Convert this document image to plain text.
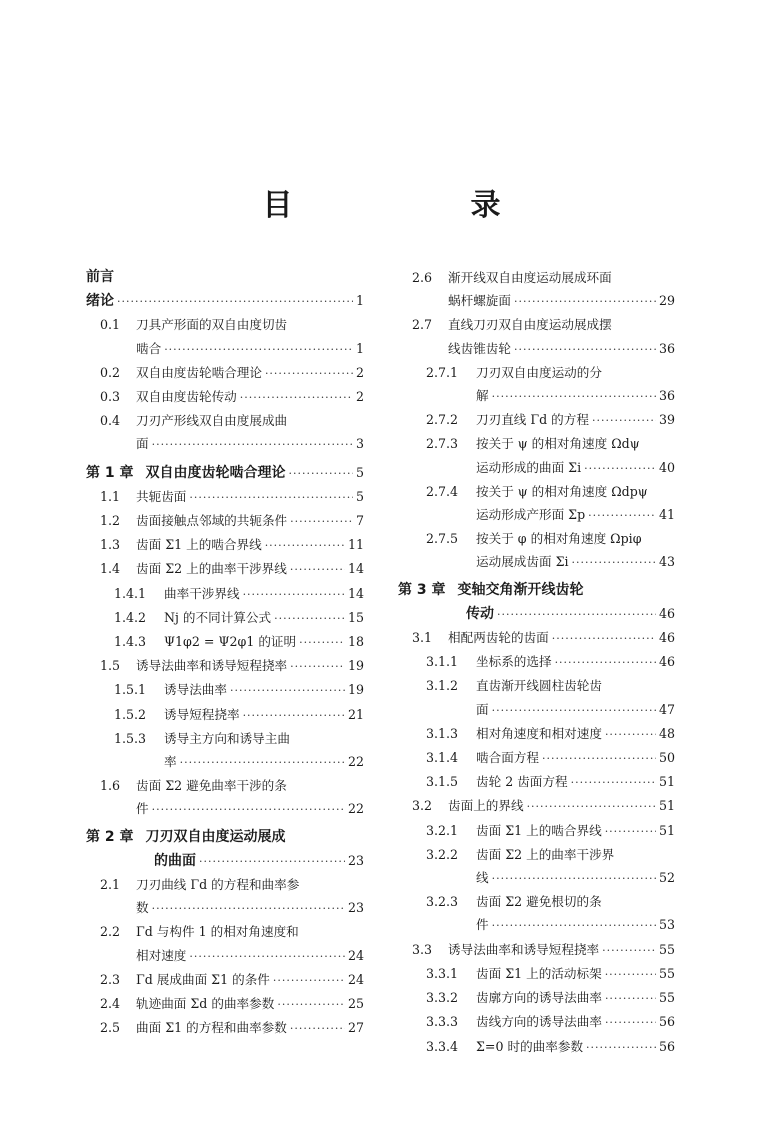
目　录
前言
绪论 ·····	1
0.1	刀具产形面的双自由度切齿
啮合 ·····	1
0.2	双自由度齿轮啮合理论 ·····	2
0.3	双自由度齿轮传动 ·····	2
0.4	刀刃产形线双自由度展成曲
面 ·····	3
第 1 章 双自由度齿轮啮合理论 ·····	5
1.1	共轭齿面 ·····	5
1.2	齿面接触点邻域的共轭条件 ·····	7
1.3	齿面 Σ1 上的啮合界线 ·····	11
1.4	齿面 Σ2 上的曲率干涉界线 ·····	14
1.4.1	曲率干涉界线 ·····	14
1.4.2	Nj 的不同计算公式 ·····	15
1.4.3	Ψ1φ2 = Ψ2φ1 的证明 ·····	18
1.5	诱导法曲率和诱导短程挠率 ·····	19
1.5.1	诱导法曲率 ·····	19
1.5.2	诱导短程挠率 ·····	21
1.5.3	诱导主方向和诱导主曲
率 ·····	22
1.6	齿面 Σ2 避免曲率干涉的条
件 ·····	22
第 2 章 刀刃双自由度运动展成
的曲面 ·····	23
2.1	刀刃曲线 Γd 的方程和曲率参
数 ·····	23
2.2	Γd 与构件 1 的相对角速度和
相对速度 ·····	24
2.3	Γd 展成曲面 Σ1 的条件 ·····	24
2.4	轨迹曲面 Σd 的曲率参数 ·····	25
2.5	曲面 Σ1 的方程和曲率参数 ·····	27
2.6	渐开线双自由度运动展成环面
蜗杆螺旋面 ·····	29
2.7	直线刀刃双自由度运动展成摆
线齿锥齿轮 ·····	36
2.7.1	刀刃双自由度运动的分
解 ·····	36
2.7.2	刀刃直线 Γd 的方程 ·····	39
2.7.3	按关于 ψ 的相对角速度 Ωdψ
运动形成的曲面 Σi ·····	40
2.7.4	按关于 ψ 的相对角速度 Ωdpψ
运动形成产形面 Σp ·····	41
2.7.5	按关于 φ 的相对角速度 Ωpiφ
运动展成齿面 Σi ·····	43
第 3 章 变轴交角渐开线齿轮
传动 ·····	46
3.1	相配两齿轮的齿面 ·····	46
3.1.1	坐标系的选择 ·····	46
3.1.2	直齿渐开线圆柱齿轮齿
面 ·····	47
3.1.3	相对角速度和相对速度 ·····	48
3.1.4	啮合面方程 ·····	50
3.1.5	齿轮 2 齿面方程 ·····	51
3.2	齿面上的界线 ·····	51
3.2.1	齿面 Σ1 上的啮合界线 ·····	51
3.2.2	齿面 Σ2 上的曲率干涉界
线 ·····	52
3.2.3	齿面 Σ2 避免根切的条
件 ·····	53
3.3	诱导法曲率和诱导短程挠率 ·····	55
3.3.1	齿面 Σ1 上的活动标架 ·····	55
3.3.2	齿廓方向的诱导法曲率 ·····	55
3.3.3	齿线方向的诱导法曲率 ·····	56
3.3.4	Σ=0 时的曲率参数 ·····	56
